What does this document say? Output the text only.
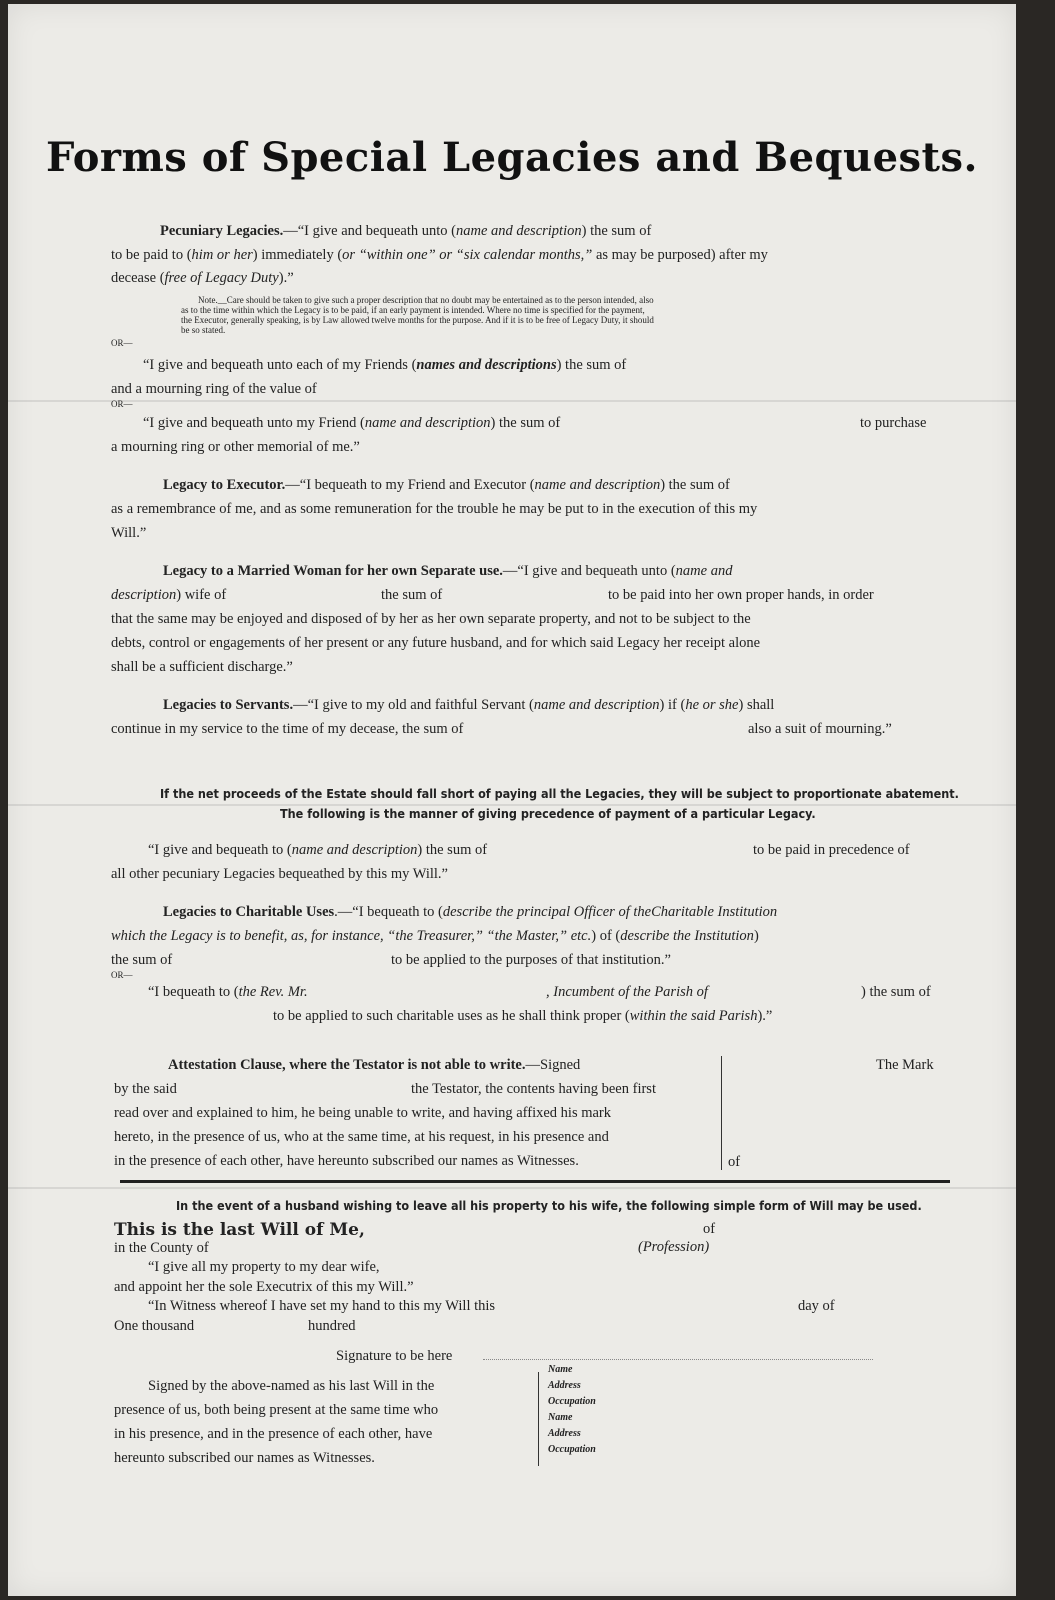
Forms of Special Legacies and Bequests.
Pecuniary Legacies.—“I give and bequeath unto (name and description) the sum of
to be paid to (him or her) immediately (or “within one” or “six calendar months,” as may be purposed) after my
decease (free of Legacy Duty).”
Note.__Care should be taken to give such a proper description that no doubt may be entertained as to the person intended, also
as to the time within which the Legacy is to be paid, if an early payment is intended. Where no time is specified for the payment,
the Executor, generally speaking, is by Law allowed twelve months for the purpose. And if it is to be free of Legacy Duty, it should
be so stated.
OR—
“I give and bequeath unto each of my Friends (names and descriptions) the sum of
and a mourning ring of the value of
OR—
“I give and bequeath unto my Friend (name and description) the sum of	to purchase
a mourning ring or other memorial of me.”
Legacy to Executor.—“I bequeath to my Friend and Executor (name and description) the sum of
as a remembrance of me, and as some remuneration for the trouble he may be put to in the execution of this my
Will.”
Legacy to a Married Woman for her own Separate use.—“I give and bequeath unto (name and
description) wife of	the sum of	to be paid into her own proper hands, in order
that the same may be enjoyed and disposed of by her as her own separate property, and not to be subject to the
debts, control or engagements of her present or any future husband, and for which said Legacy her receipt alone
shall be a sufficient discharge.”
Legacies to Servants.—“I give to my old and faithful Servant (name and description) if (he or she) shall
continue in my service to the time of my decease, the sum of	also a suit of mourning.”
If the net proceeds of the Estate should fall short of paying all the Legacies, they will be subject to proportionate abatement.
The following is the manner of giving precedence of payment of a particular Legacy.
“I give and bequeath to (name and description) the sum of	to be paid in precedence of
all other pecuniary Legacies bequeathed by this my Will.”
Legacies to Charitable Uses.—“I bequeath to (describe the principal Officer of theCharitable Institution
which the Legacy is to benefit, as, for instance, “the Treasurer,” “the Master,” etc.) of (describe the Institution)
the sum of	to be applied to the purposes of that institution.”
OR—
“I bequeath to (the Rev. Mr.	, Incumbent of the Parish of	) the sum of
to be applied to such charitable uses as he shall think proper (within the said Parish).”
Attestation Clause, where the Testator is not able to write.—Signed	The Mark
by the said	the Testator, the contents having been first
read over and explained to him, he being unable to write, and having affixed his mark
hereto, in the presence of us, who at the same time, at his request, in his presence and
in the presence of each other, have hereunto subscribed our names as Witnesses.	of
In the event of a husband wishing to leave all his property to his wife, the following simple form of Will may be used.
This is the last Will of Me,	of
in the County of	(Profession)
“I give all my property to my dear wife,
and appoint her the sole Executrix of this my Will.”
“In Witness whereof I have set my hand to this my Will this	day of
One thousand	hundred
Signature to be here
Signed by the above-named as his last Will in the
presence of us, both being present at the same time who
in his presence, and in the presence of each other, have
hereunto subscribed our names as Witnesses.
Name
Address
Occupation
Name
Address
Occupation
